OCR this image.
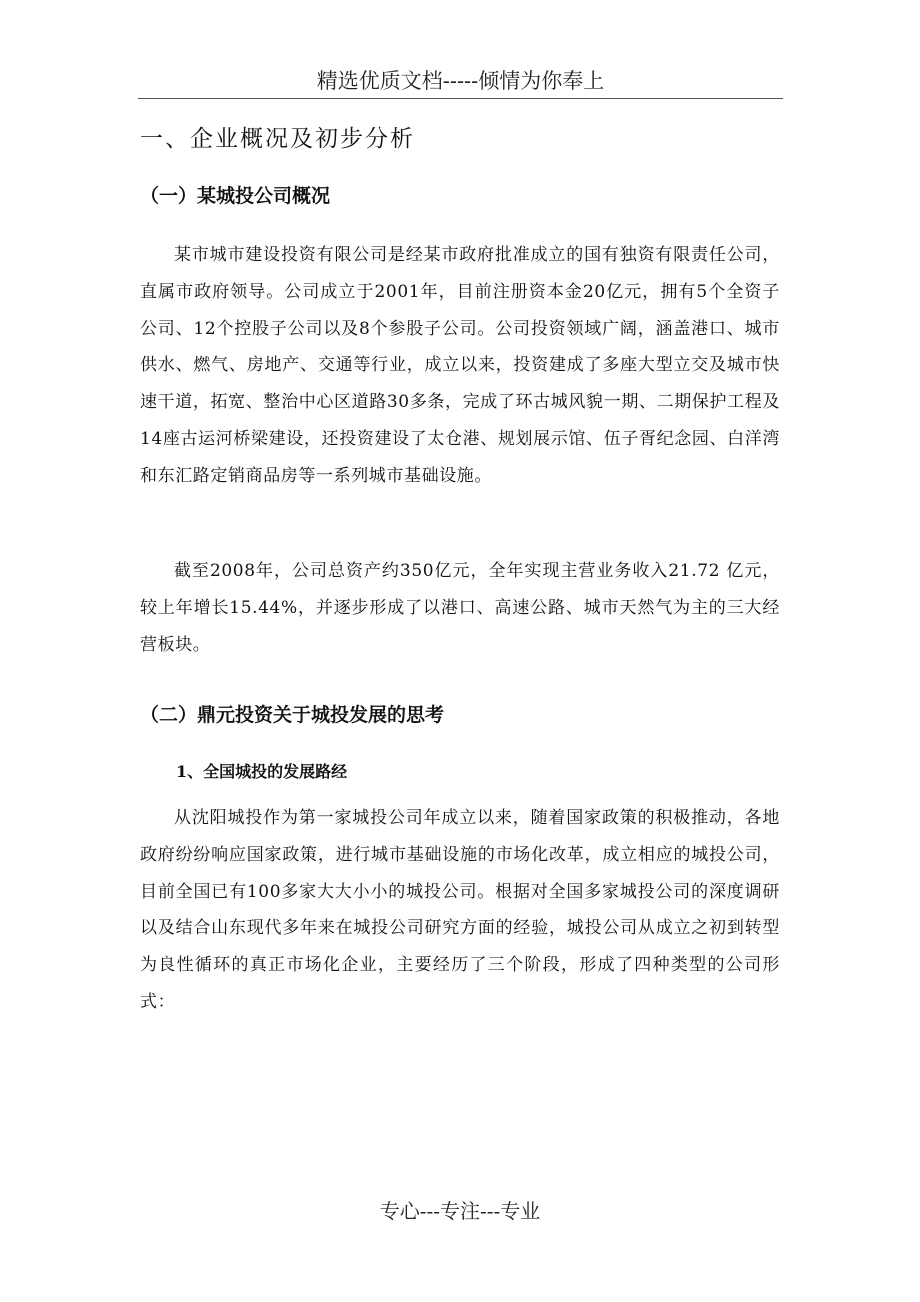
精选优质文档-----倾情为你奉上
一、企业概况及初步分析
（一）某城投公司概况

某市城市建设投资有限公司是经某市政府批准成立的国有独资有限责任公司，直属市政府领导。公司成立于2001年，目前注册资本金20亿元，拥有5个全资子公司、12个控股子公司以及8个参股子公司。公司投资领域广阔，涵盖港口、城市供水、燃气、房地产、交通等行业，成立以来，投资建成了多座大型立交及城市快速干道，拓宽、整治中心区道路30多条，完成了环古城风貌一期、二期保护工程及14座古运河桥梁建设，还投资建设了太仓港、规划展示馆、伍子胥纪念园、白洋湾和东汇路定销商品房等一系列城市基础设施。

截至2008年，公司总资产约350亿元，全年实现主营业务收入21.72 亿元，较上年增长15.44%，并逐步形成了以港口、高速公路、城市天然气为主的三大经营板块。

（二）鼎元投资关于城投发展的思考
1、全国城投的发展路经

从沈阳城投作为第一家城投公司年成立以来，随着国家政策的积极推动，各地政府纷纷响应国家政策，进行城市基础设施的市场化改革，成立相应的城投公司，目前全国已有100多家大大小小的城投公司。根据对全国多家城投公司的深度调研以及结合山东现代多年来在城投公司研究方面的经验，城投公司从成立之初到转型为良性循环的真正市场化企业，主要经历了三个阶段，形成了四种类型的公司形式：

专心---专注---专业
